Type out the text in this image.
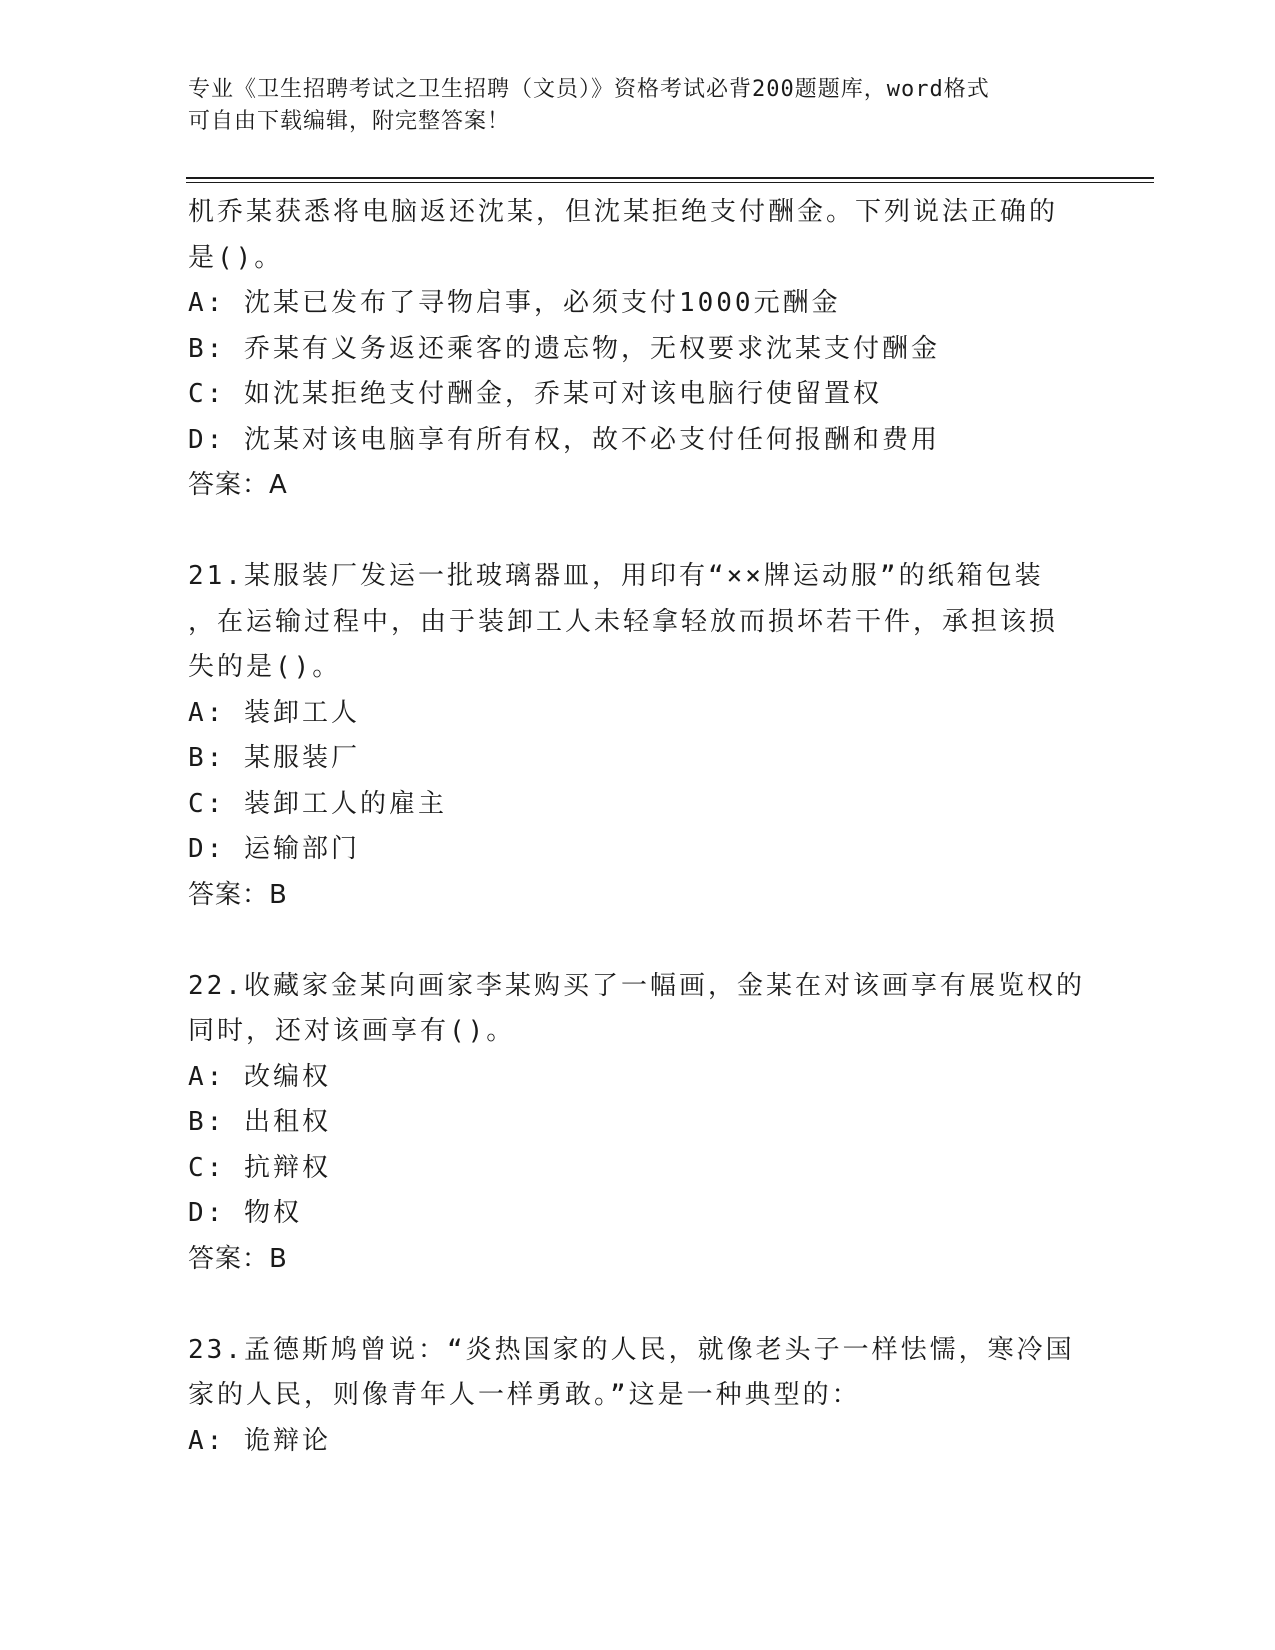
专业《卫生招聘考试之卫生招聘（文员）》资格考试必背200题题库，word格式
可自由下载编辑，附完整答案！
机乔某获悉将电脑返还沈某，但沈某拒绝支付酬金。下列说法正确的
是()。
A: 沈某已发布了寻物启事，必须支付1000元酬金
B: 乔某有义务返还乘客的遗忘物，无权要求沈某支付酬金
C: 如沈某拒绝支付酬金，乔某可对该电脑行使留置权
D: 沈某对该电脑享有所有权，故不必支付任何报酬和费用
答案：A
21.某服装厂发运一批玻璃器皿，用印有“××牌运动服”的纸箱包装
，在运输过程中，由于装卸工人未轻拿轻放而损坏若干件，承担该损
失的是()。
A: 装卸工人
B: 某服装厂
C: 装卸工人的雇主
D: 运输部门
答案：B
22.收藏家金某向画家李某购买了一幅画，金某在对该画享有展览权的
同时，还对该画享有()。
A: 改编权
B: 出租权
C: 抗辩权
D: 物权
答案：B
23.孟德斯鸠曾说：“炎热国家的人民，就像老头子一样怯懦，寒冷国
家的人民，则像青年人一样勇敢。”这是一种典型的：
A: 诡辩论
